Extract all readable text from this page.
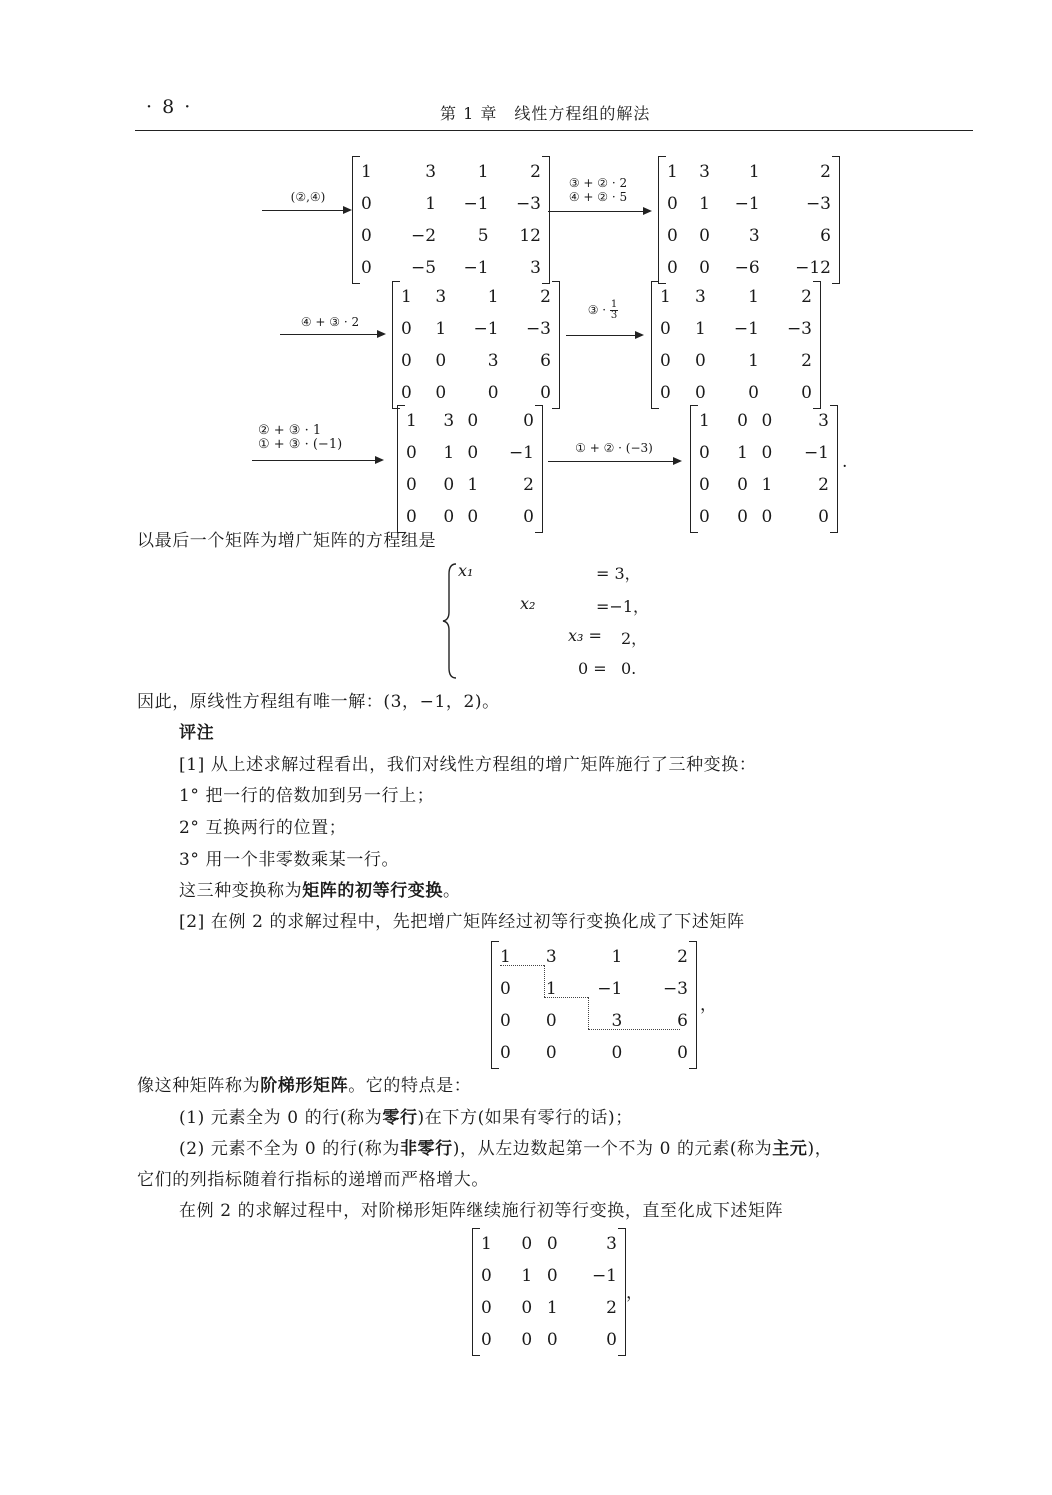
· 8 ·	第 1 章　线性方程组的解法
(②,④)
1	3	1	2
0	1	−1	−3
0	−2	5	12
0	−5	−1	3
③ + ② · 2
④ + ② · 5
1	3	1	2
0	1	−1	−3
0	0	3	6
0	0	−6	−12
④ + ③ · 2
1	3	1	2
0	1	−1	−3
0	0	3	6
0	0	0	0
③ · $\frac{1}{3}$
1	3	1	2
0	1	−1	−3
0	0	1	2
0	0	0	0
② + ③ · 1
① + ③ · (−1)
1	3	0	0
0	1	0	−1
0	0	1	2
0	0	0	0
① + ② · (−3)
1	0	0	3
0	1	0	−1
0	0	1	2
0	0	0	0
.
以最后一个矩阵为增广矩阵的方程组是
x₁	= 3，
x₂	=−1，
x₃ = 2，
0 = 0.
因此，原线性方程组有唯一解：(3，−1，2)。
评注
[1] 从上述求解过程看出，我们对线性方程组的增广矩阵施行了三种变换：
1° 把一行的倍数加到另一行上；
2° 互换两行的位置；
3° 用一个非零数乘某一行。
这三种变换称为矩阵的初等行变换。
[2] 在例 2 的求解过程中，先把增广矩阵经过初等行变换化成了下述矩阵
1	3	1	2
0	1	−1	−3
0	0	3	6
0	0	0	0
，
像这种矩阵称为阶梯形矩阵。它的特点是：
(1) 元素全为 0 的行(称为零行)在下方(如果有零行的话)；
(2) 元素不全为 0 的行(称为非零行)，从左边数起第一个不为 0 的元素(称为主元)，
它们的列指标随着行指标的递增而严格增大。
在例 2 的求解过程中，对阶梯形矩阵继续施行初等行变换，直至化成下述矩阵
1	0	0	3
0	1	0	−1
0	0	1	2
0	0	0	0
，
